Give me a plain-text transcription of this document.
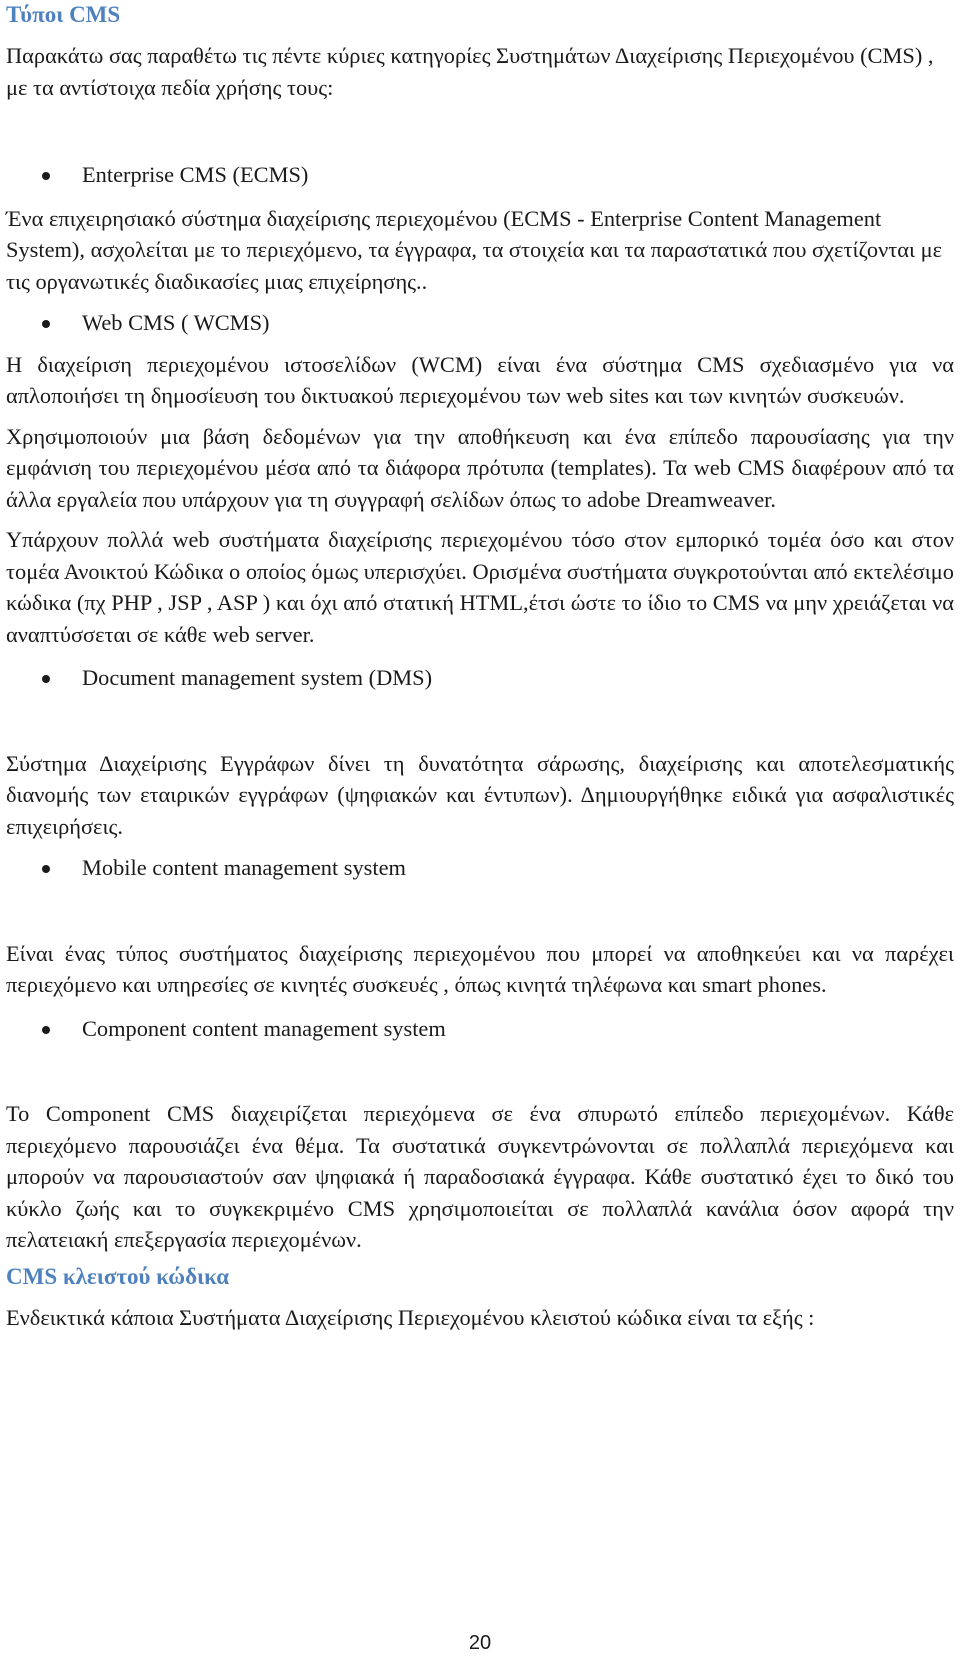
Τύποι CMS

Παρακάτω σας παραθέτω τις πέντε κύριες κατηγορίες Συστημάτων Διαχείρισης Περιεχομένου (CMS) , με τα αντίστοιχα πεδία χρήσης τους:

Enterprise CMS (ECMS)

Ένα επιχειρησιακό σύστημα διαχείρισης περιεχομένου (ECMS - Enterprise Content Management System), ασχολείται με το περιεχόμενο, τα έγγραφα, τα στοιχεία και τα παραστατικά που σχετίζονται με τις οργανωτικές διαδικασίες μιας επιχείρησης..

Web CMS ( WCMS)

Η διαχείριση περιεχομένου ιστοσελίδων (WCM) είναι ένα σύστημα CMS σχεδιασμένο για να απλοποιήσει τη δημοσίευση του δικτυακού περιεχομένου των web sites και των κινητών συσκευών.

Χρησιμοποιούν μια βάση δεδομένων για την αποθήκευση και ένα επίπεδο παρουσίασης για την εμφάνιση του περιεχομένου μέσα από τα διάφορα πρότυπα (templates). Τα web CMS διαφέρουν από τα άλλα εργαλεία που υπάρχουν για τη συγγραφή σελίδων όπως το adobe Dreamweaver.

Υπάρχουν πολλά web συστήματα διαχείρισης περιεχομένου τόσο στον εμπορικό τομέα όσο και στον τομέα Ανοικτού Κώδικα ο οποίος όμως υπερισχύει. Ορισμένα συστήματα συγκροτούνται από εκτελέσιμο κώδικα (πχ PHP , JSP , ASP ) και όχι από στατική HTML,έτσι ώστε το ίδιο το CMS να μην χρειάζεται να αναπτύσσεται σε κάθε web server.

Document management system (DMS)

Σύστημα Διαχείρισης Εγγράφων δίνει τη δυνατότητα σάρωσης, διαχείρισης και αποτελεσματικής διανομής των εταιρικών εγγράφων (ψηφιακών και έντυπων). Δημιουργήθηκε ειδικά για ασφαλιστικές επιχειρήσεις.

Mobile content management system

Είναι ένας τύπος συστήματος διαχείρισης περιεχομένου που μπορεί να αποθηκεύει και να παρέχει περιεχόμενο και υπηρεσίες σε κινητές συσκευές , όπως κινητά τηλέφωνα και smart phones.

Component content management system

Το Component CMS διαχειρίζεται περιεχόμενα σε ένα σπυρωτό επίπεδο περιεχομένων. Κάθε περιεχόμενο παρουσιάζει ένα θέμα. Τα συστατικά συγκεντρώνονται σε πολλαπλά περιεχόμενα και μπορούν να παρουσιαστούν σαν ψηφιακά ή παραδοσιακά έγγραφα. Κάθε συστατικό έχει το δικό του κύκλο ζωής και το συγκεκριμένο CMS χρησιμοποιείται σε πολλαπλά κανάλια όσον αφορά την πελατειακή επεξεργασία περιεχομένων.

CMS κλειστού κώδικα

Ενδεικτικά κάποια Συστήματα Διαχείρισης Περιεχομένου κλειστού κώδικα είναι τα εξής :

20
